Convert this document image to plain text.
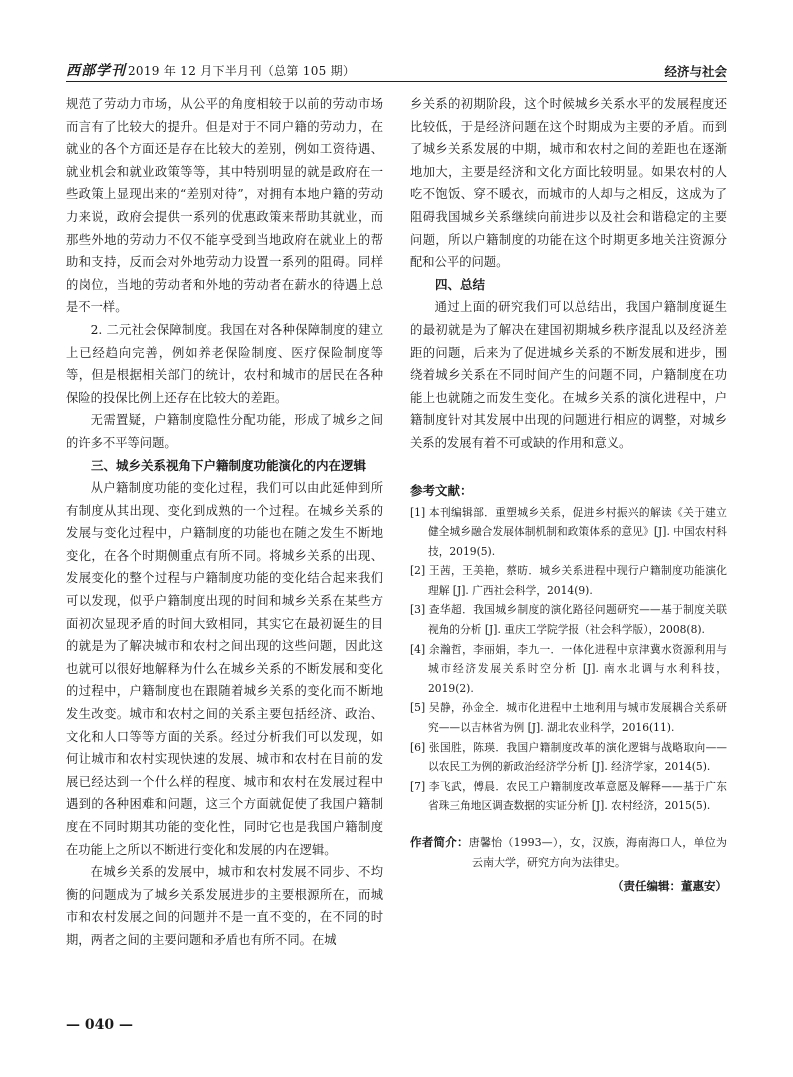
西部学刊 2019 年 12 月下半月刊（总第 105 期）	经济与社会

规范了劳动力市场，从公平的角度相较于以前的劳动市场而言有了比较大的提升。但是对于不同户籍的劳动力，在就业的各个方面还是存在比较大的差别，例如工资待遇、就业机会和就业政策等等，其中特别明显的就是政府在一些政策上显现出来的“差别对待”，对拥有本地户籍的劳动力来说，政府会提供一系列的优惠政策来帮助其就业，而那些外地的劳动力不仅不能享受到当地政府在就业上的帮助和支持，反而会对外地劳动力设置一系列的阻碍。同样的岗位，当地的劳动者和外地的劳动者在薪水的待遇上总是不一样。

2. 二元社会保障制度。我国在对各种保障制度的建立上已经趋向完善，例如养老保险制度、医疗保险制度等等，但是根据相关部门的统计，农村和城市的居民在各种保险的投保比例上还存在比较大的差距。

无需置疑，户籍制度隐性分配功能，形成了城乡之间的许多不平等问题。

三、城乡关系视角下户籍制度功能演化的内在逻辑

从户籍制度功能的变化过程，我们可以由此延伸到所有制度从其出现、变化到成熟的一个过程。在城乡关系的发展与变化过程中，户籍制度的功能也在随之发生不断地变化，在各个时期侧重点有所不同。将城乡关系的出现、发展变化的整个过程与户籍制度功能的变化结合起来我们可以发现，似乎户籍制度出现的时间和城乡关系在某些方面初次显现矛盾的时间大致相同，其实它在最初诞生的目的就是为了解决城市和农村之间出现的这些问题，因此这也就可以很好地解释为什么在城乡关系的不断发展和变化的过程中，户籍制度也在跟随着城乡关系的变化而不断地发生改变。城市和农村之间的关系主要包括经济、政治、文化和人口等等方面的关系。经过分析我们可以发现，如何让城市和农村实现快速的发展、城市和农村在目前的发展已经达到一个什么样的程度、城市和农村在发展过程中遇到的各种困难和问题，这三个方面就促使了我国户籍制度在不同时期其功能的变化性，同时它也是我国户籍制度在功能上之所以不断进行变化和发展的内在逻辑。

在城乡关系的发展中，城市和农村发展不同步、不均衡的问题成为了城乡关系发展进步的主要根源所在，而城市和农村发展之间的问题并不是一直不变的，在不同的时期，两者之间的主要问题和矛盾也有所不同。在城

乡关系的初期阶段，这个时候城乡关系水平的发展程度还比较低，于是经济问题在这个时期成为主要的矛盾。而到了城乡关系发展的中期，城市和农村之间的差距也在逐渐地加大，主要是经济和文化方面比较明显。如果农村的人吃不饱饭、穿不暖衣，而城市的人却与之相反，这成为了阻碍我国城乡关系继续向前进步以及社会和谐稳定的主要问题，所以户籍制度的功能在这个时期更多地关注资源分配和公平的问题。

四、总结

通过上面的研究我们可以总结出，我国户籍制度诞生的最初就是为了解决在建国初期城乡秩序混乱以及经济差距的问题，后来为了促进城乡关系的不断发展和进步，围绕着城乡关系在不同时间产生的问题不同，户籍制度在功能上也就随之而发生变化。在城乡关系的演化进程中，户籍制度针对其发展中出现的问题进行相应的调整，对城乡关系的发展有着不可或缺的作用和意义。

参考文献：
[1] 本刊编辑部．重塑城乡关系，促进乡村振兴的解读《关于建立健全城乡融合发展体制机制和政策体系的意见》[J]. 中国农村科技，2019(5).
[2] 王茜，王美艳，蔡昉．城乡关系进程中现行户籍制度功能演化理解 [J]. 广西社会科学，2014(9).
[3] 查华超．我国城乡制度的演化路径问题研究——基于制度关联视角的分析 [J]. 重庆工学院学报（社会科学版），2008(8).
[4] 余瀚哲，李丽娟，李九一．一体化进程中京津冀水资源利用与城市经济发展关系时空分析 [J]. 南水北调与水利科技，2019(2).
[5] 吴静，孙金全．城市化进程中土地利用与城市发展耦合关系研究——以吉林省为例 [J]. 湖北农业科学，2016(11).
[6] 张国胜，陈瑛．我国户籍制度改革的演化逻辑与战略取向——以农民工为例的新政治经济学分析 [J]. 经济学家，2014(5).
[7] 李飞武，傅晨．农民工户籍制度改革意愿及解释——基于广东省珠三角地区调查数据的实证分析 [J]. 农村经济，2015(5).
作者简介：唐馨怡（1993—），女，汉族，海南海口人，单位为云南大学，研究方向为法律史。
（责任编辑：董惠安）
— 040 —
